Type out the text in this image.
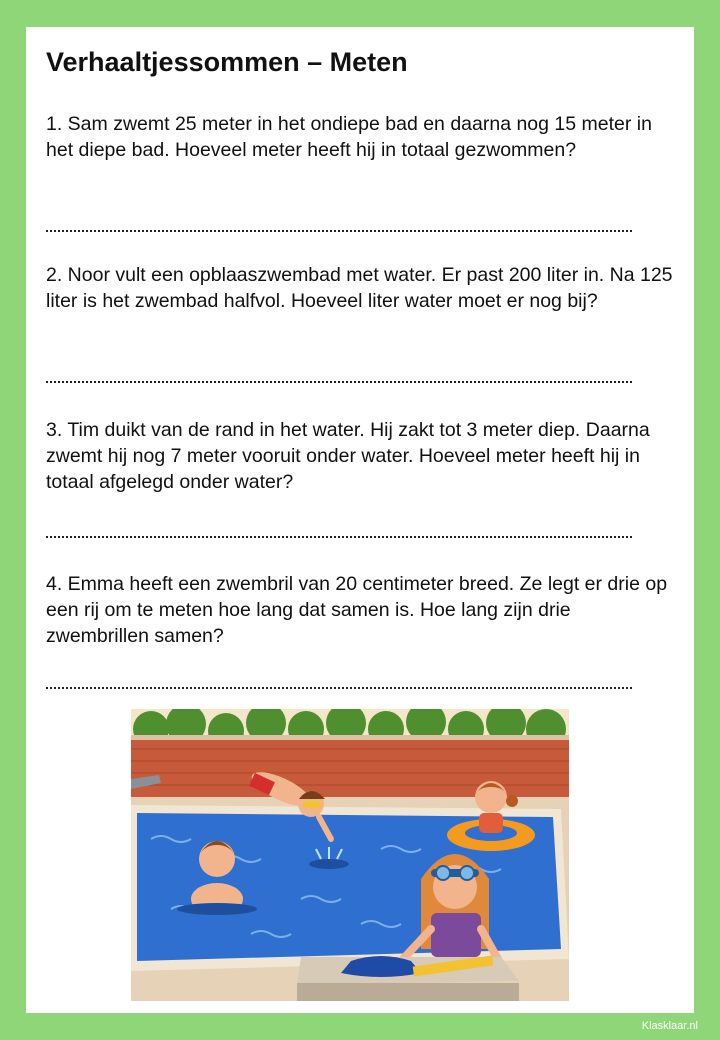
Verhaaltjessommen – Meten

1. Sam zwemt 25 meter in het ondiepe bad en daarna nog 15 meter in het diepe bad. Hoeveel meter heeft hij in totaal gezwommen?

2. Noor vult een opblaaszwembad met water. Er past 200 liter in. Na 125 liter is het zwembad halfvol. Hoeveel liter water moet er nog bij?

3. Tim duikt van de rand in het water. Hij zakt tot 3 meter diep. Daarna zwemt hij nog 7 meter vooruit onder water. Hoeveel meter heeft hij in totaal afgelegd onder water?

4. Emma heeft een zwembril van 20 centimeter breed. Ze legt er drie op een rij om te meten hoe lang dat samen is. Hoe lang zijn drie zwembrillen samen?

Klasklaar.nl
